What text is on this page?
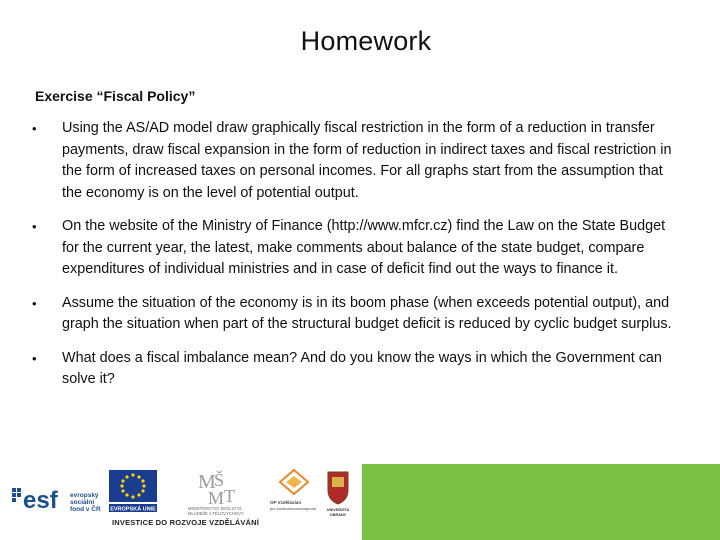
Homework
Exercise “Fiscal Policy”
• Using the AS/AD model draw graphically fiscal restriction in the form of a reduction in transfer payments, draw fiscal expansion in the form of reduction in indirect taxes and fiscal restriction in the form of increased taxes on personal incomes. For all graphs start from the assumption that the economy is on the level of potential output.
• On the website of the Ministry of Finance (http://www.mfcr.cz) find the Law on the State Budget for the current year, the latest, make comments about balance of the state budget, compare expenditures of individual ministries and in case of deficit find out the ways to finance it.
• Assume the situation of the economy is in its boom phase (when exceeds potential output), and graph the situation when part of the structural budget deficit is reduced by cyclic budget surplus.
• What does a fiscal imbalance mean? And do you know the ways in which the Government can solve it?
esf evropský
sociální
fond v ČR EVROPSKÁ UNIE
M
Š
M T
MINISTERSTVO ŠKOLSTVÍ,
MLÁDEŽE A TĚLOVÝCHOVY
OP Vzdělávání
pro konkurenceschopnost	UNIVERZITA
OBRANY
INVESTICE DO ROZVOJE VZDĚLÁVÁNÍ
